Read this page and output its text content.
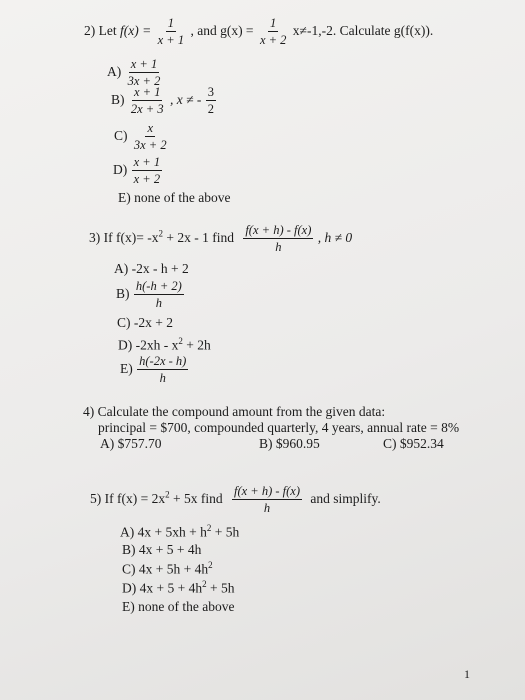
2) Let $f(x) = \frac{1}{x + 1}$ , and $g(x) = \frac{1}{x + 2} x\ne-1,-2$. Calculate g(f(x)).
$A) \frac{x + 1}{3x + 2}$
$B) \frac{x + 1}{2x + 3}$ , x ≠ - $\frac{3}{2}$
$C) \frac{x}{3x + 2}$
$D) \frac{x + 1}{x + 2}$
E) none of the above
3) If $f(x)= -x^2 + 2x - 1$ find $\frac{f(x + h) - f(x)}{h}$ , h ≠ 0
A) -2x - h + 2
$B) \frac{h(-h + 2)}{h}$
C) -2x + 2
D) $-2xh - x^2 + 2h$
$E) \frac{h(-2x - h)}{h}$
4) Calculate the compound amount from the given data:
principal = $700, compounded quarterly, 4 years, annual rate = 8%
A) $757.70	B) $960.95	C) $952.34
5) If $f(x) = 2x^2 + 5x$ find $\frac{f(x + h) - f(x)}{h}$ and simplify.
A) $4x + 5xh + h^2 + 5h$
B) 4x + 5 + 4h
C) $4x + 5h + 4h^2$
D) $4x + 5 + 4h^2 + 5h$
E) none of the above
1
